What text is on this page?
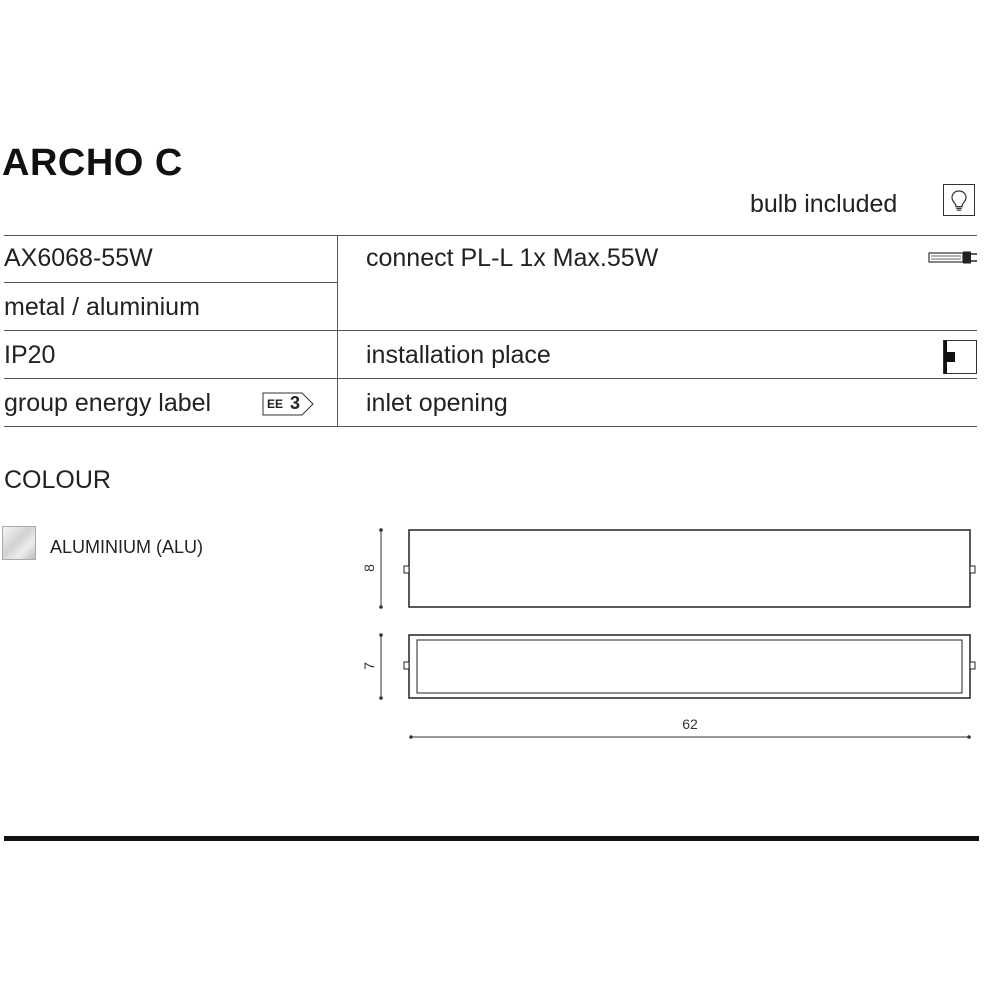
ARCHO C
bulb included
AX6068-55W
metal / aluminium
IP20
group energy label	EE 3
connect PL-L 1x Max.55W
installation place
inlet opening
COLOUR
ALUMINIUM (ALU)
8
7
62
